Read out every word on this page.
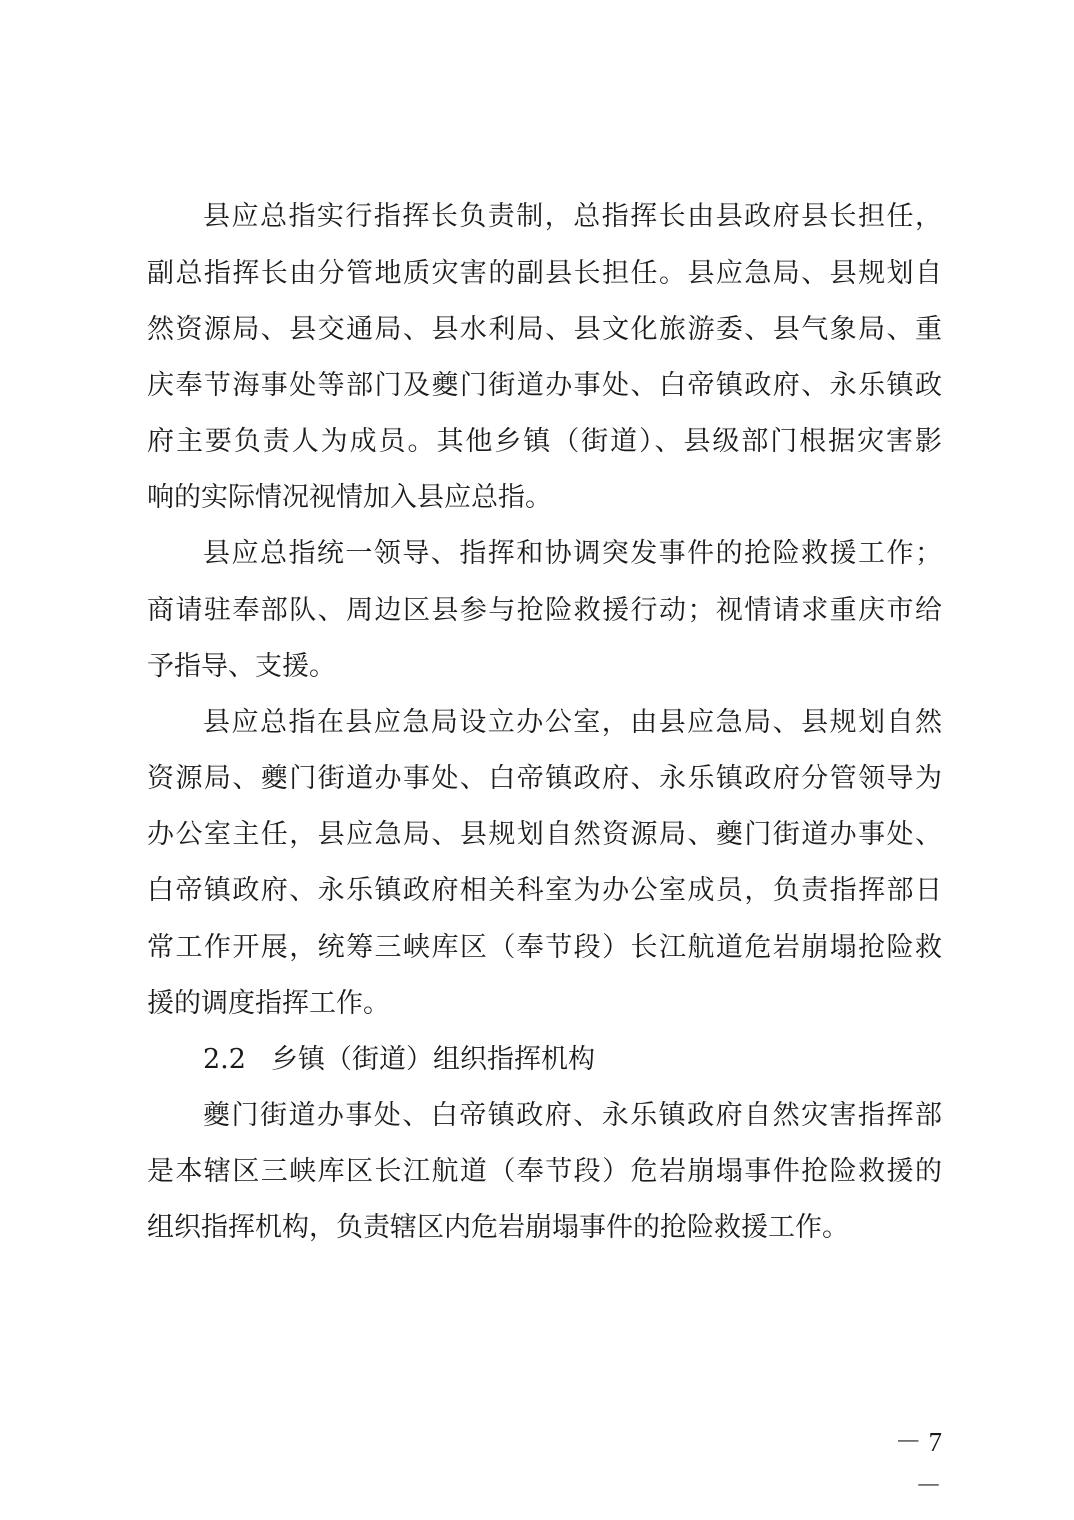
县应总指实行指挥长负责制，总指挥长由县政府县长担任，
副总指挥长由分管地质灾害的副县长担任。县应急局、县规划自
然资源局、县交通局、县水利局、县文化旅游委、县气象局、重
庆奉节海事处等部门及夔门街道办事处、白帝镇政府、永乐镇政
府主要负责人为成员。其他乡镇（街道）、县级部门根据灾害影
响的实际情况视情加入县应总指。
县应总指统一领导、指挥和协调突发事件的抢险救援工作；
商请驻奉部队、周边区县参与抢险救援行动；视情请求重庆市给
予指导、支援。
县应总指在县应急局设立办公室，由县应急局、县规划自然
资源局、夔门街道办事处、白帝镇政府、永乐镇政府分管领导为
办公室主任，县应急局、县规划自然资源局、夔门街道办事处、
白帝镇政府、永乐镇政府相关科室为办公室成员，负责指挥部日
常工作开展，统筹三峡库区（奉节段）长江航道危岩崩塌抢险救
援的调度指挥工作。
2.2 乡镇（街道）组织指挥机构
夔门街道办事处、白帝镇政府、永乐镇政府自然灾害指挥部
是本辖区三峡库区长江航道（奉节段）危岩崩塌事件抢险救援的
组织指挥机构，负责辖区内危岩崩塌事件的抢险救援工作。
－ 7 －
